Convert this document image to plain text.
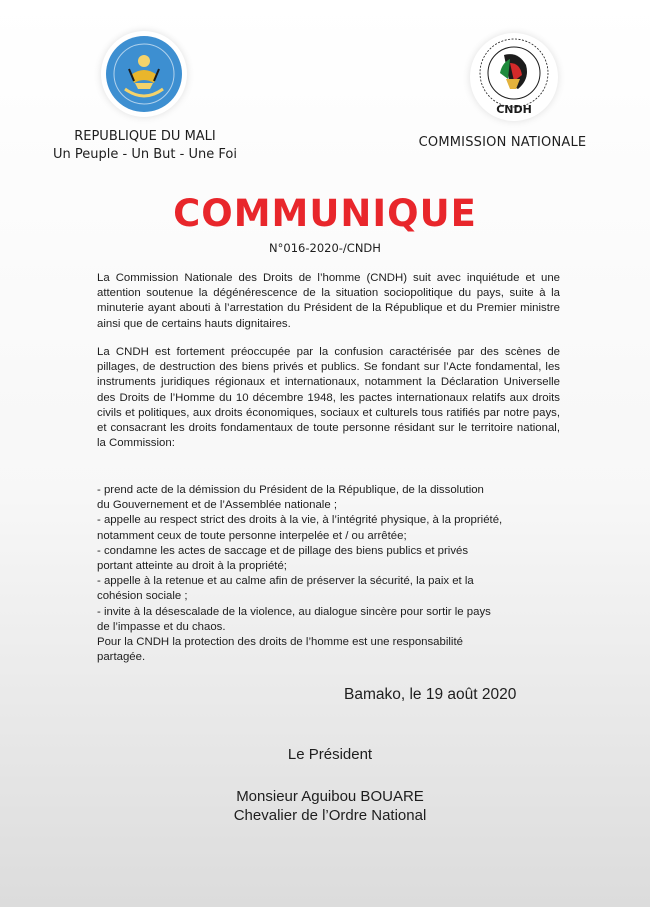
CNDH
REPUBLIQUE DU MALI
Un Peuple - Un But - Une Foi
COMMISSION NATIONALE
COMMUNIQUE
N°016-2020-/CNDH
La Commission Nationale des Droits de l’homme (CNDH) suit avec inquiétude et une attention soutenue la dégénérescence de la situation sociopolitique du pays, suite à la minuterie ayant abouti à l’arrestation du Président de la République et du Premier ministre ainsi que de certains hauts dignitaires.
La CNDH est fortement préoccupée par la confusion caractérisée par des scènes de pillages, de destruction des biens privés et publics. Se fondant sur l’Acte fondamental, les instruments juridiques régionaux et internationaux, notamment la Déclaration Universelle des Droits de l’Homme du 10 décembre 1948, les pactes internationaux relatifs aux droits civils et politiques, aux droits économiques, sociaux et culturels tous ratifiés par notre pays, et consacrant les droits fondamentaux de toute personne résidant sur le territoire national, la Commission:
- prend acte de la démission du Président de la République, de la dissolution
du Gouvernement et de l’Assemblée nationale ;
- appelle au respect strict des droits à la vie, à l’intégrité physique, à la propriété,
notamment ceux de toute personne interpelée et / ou arrêtée;
- condamne les actes de saccage et de pillage des biens publics et privés
portant atteinte au droit à la propriété;
- appelle à la retenue et au calme afin de préserver la sécurité, la paix et la
cohésion sociale ;
- invite à la désescalade de la violence, au dialogue sincère pour sortir le pays
de l’impasse et du chaos.
Pour la CNDH la protection des droits de l’homme est une responsabilité
partagée.
Bamako, le 19 août 2020
Le Président
Monsieur Aguibou BOUARE
Chevalier de l’Ordre National
